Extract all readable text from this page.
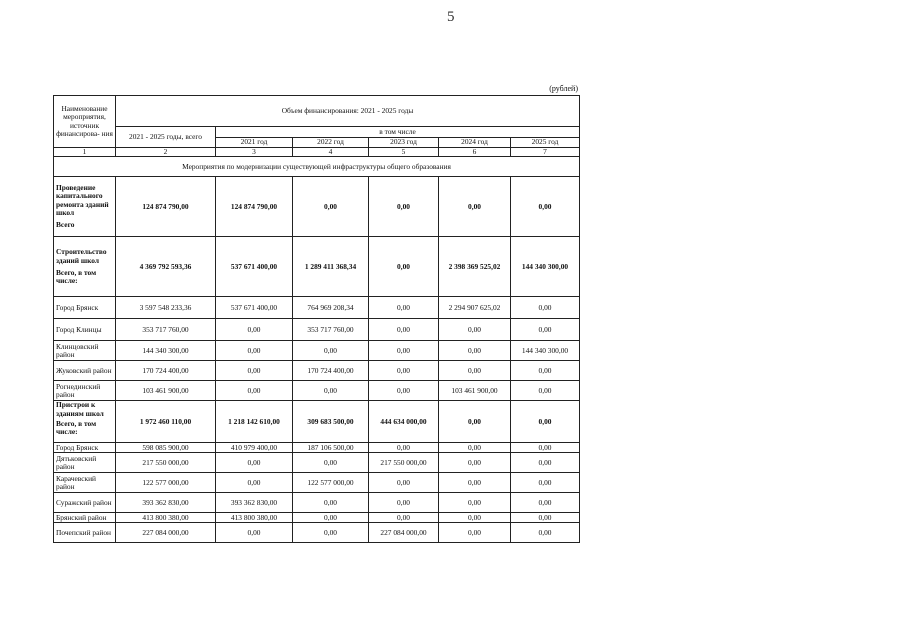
5
(рублей)
Наименование мероприятия, источник финансирова- ния	Объем финансирования: 2021 - 2025 годы					
	2021 - 2025 годы, всего	в том числе				
		2021 год	2022 год	2023 год	2024 год	2025 год
1	2	3	4	5	6	7
Мероприятия по модернизации существующей инфраструктуры общего образования						

Проведение капитального ремонта зданий школ
Всего	124 874 790,00	124 874 790,00	0,00	0,00	0,00	0,00

Строительство зданий школ
Всего, в том числе:	4 369 792 593,36	537 671 400,00	1 289 411 368,34	0,00	2 398 369 525,02	144 340 300,00
Город Брянск	3 597 548 233,36	537 671 400,00	764 969 208,34	0,00	2 294 907 625,02	0,00
Город Клинцы	353 717 760,00	0,00	353 717 760,00	0,00	0,00	0,00
Клинцовский район	144 340 300,00	0,00	0,00	0,00	0,00	144 340 300,00
Жуковский район	170 724 400,00	0,00	170 724 400,00	0,00	0,00	0,00
Рогнединский район	103 461 900,00	0,00	0,00	0,00	103 461 900,00	0,00

Пристрои к зданиям школ
Всего, в том числе:	1 972 460 110,00	1 218 142 610,00	309 683 500,00	444 634 000,00	0,00	0,00
Город Брянск	598 085 900,00	410 979 400,00	187 106 500,00	0,00	0,00	0,00
Дятьковский район	217 550 000,00	0,00	0,00	217 550 000,00	0,00	0,00
Карачевский район	122 577 000,00	0,00	122 577 000,00	0,00	0,00	0,00
Суражский район	393 362 830,00	393 362 830,00	0,00	0,00	0,00	0,00
Брянский район	413 800 380,00	413 800 380,00	0,00	0,00	0,00	0,00
Почепский район	227 084 000,00	0,00	0,00	227 084 000,00	0,00	0,00
